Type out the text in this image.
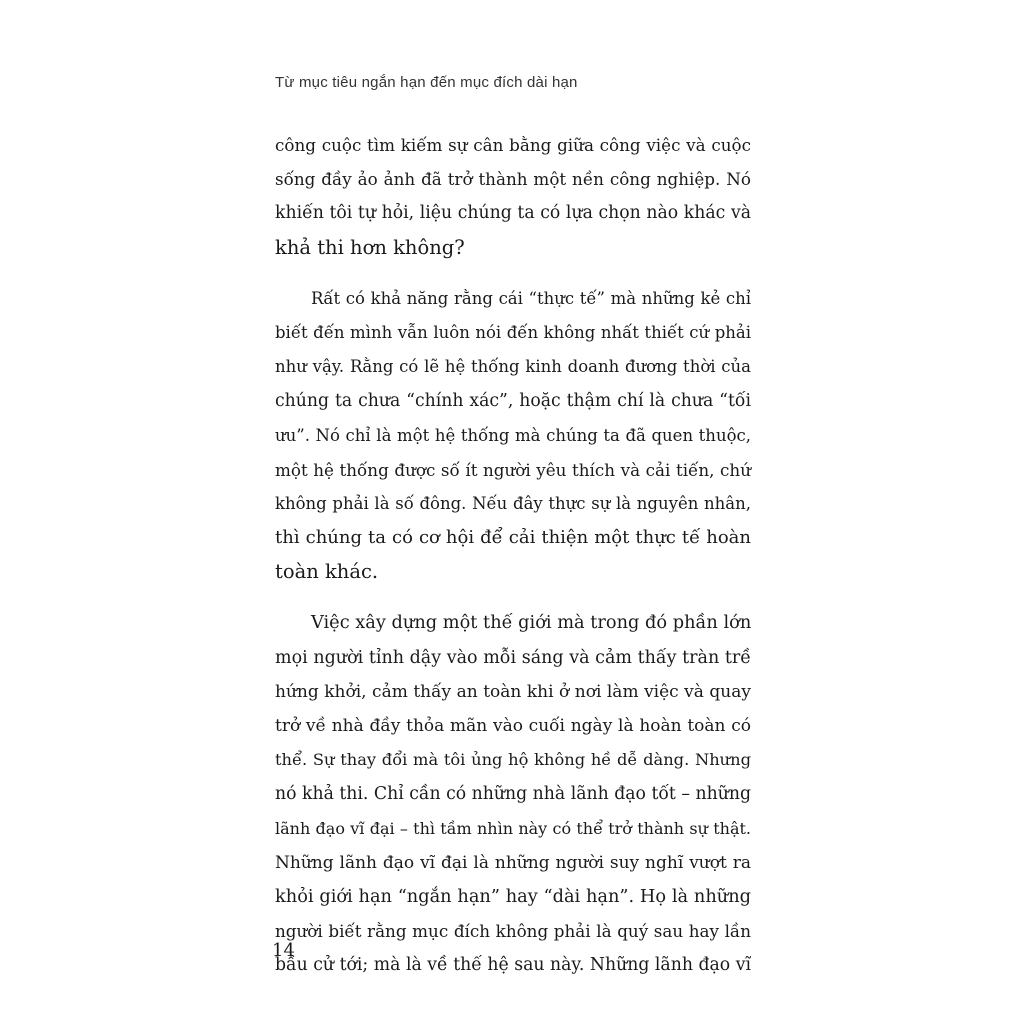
Từ mục tiêu ngắn hạn đến mục đích dài hạn
công cuộc tìm kiếm sự cân bằng giữa công việc và cuộc
sống đầy ảo ảnh đã trở thành một nền công nghiệp. Nó
khiến tôi tự hỏi, liệu chúng ta có lựa chọn nào khác và
khả thi hơn không?
Rất có khả năng rằng cái “thực tế” mà những kẻ chỉ
biết đến mình vẫn luôn nói đến không nhất thiết cứ phải
như vậy. Rằng có lẽ hệ thống kinh doanh đương thời của
chúng ta chưa “chính xác”, hoặc thậm chí là chưa “tối
ưu”. Nó chỉ là một hệ thống mà chúng ta đã quen thuộc,
một hệ thống được số ít người yêu thích và cải tiến, chứ
không phải là số đông. Nếu đây thực sự là nguyên nhân,
thì chúng ta có cơ hội để cải thiện một thực tế hoàn
toàn khác.
Việc xây dựng một thế giới mà trong đó phần lớn
mọi người tỉnh dậy vào mỗi sáng và cảm thấy tràn trề
hứng khởi, cảm thấy an toàn khi ở nơi làm việc và quay
trở về nhà đầy thỏa mãn vào cuối ngày là hoàn toàn có
thể. Sự thay đổi mà tôi ủng hộ không hề dễ dàng. Nhưng
nó khả thi. Chỉ cần có những nhà lãnh đạo tốt – những
lãnh đạo vĩ đại – thì tầm nhìn này có thể trở thành sự thật.
Những lãnh đạo vĩ đại là những người suy nghĩ vượt ra
khỏi giới hạn “ngắn hạn” hay “dài hạn”. Họ là những
người biết rằng mục đích không phải là quý sau hay lần
bầu cử tới; mà là về thế hệ sau này. Những lãnh đạo vĩ
14
